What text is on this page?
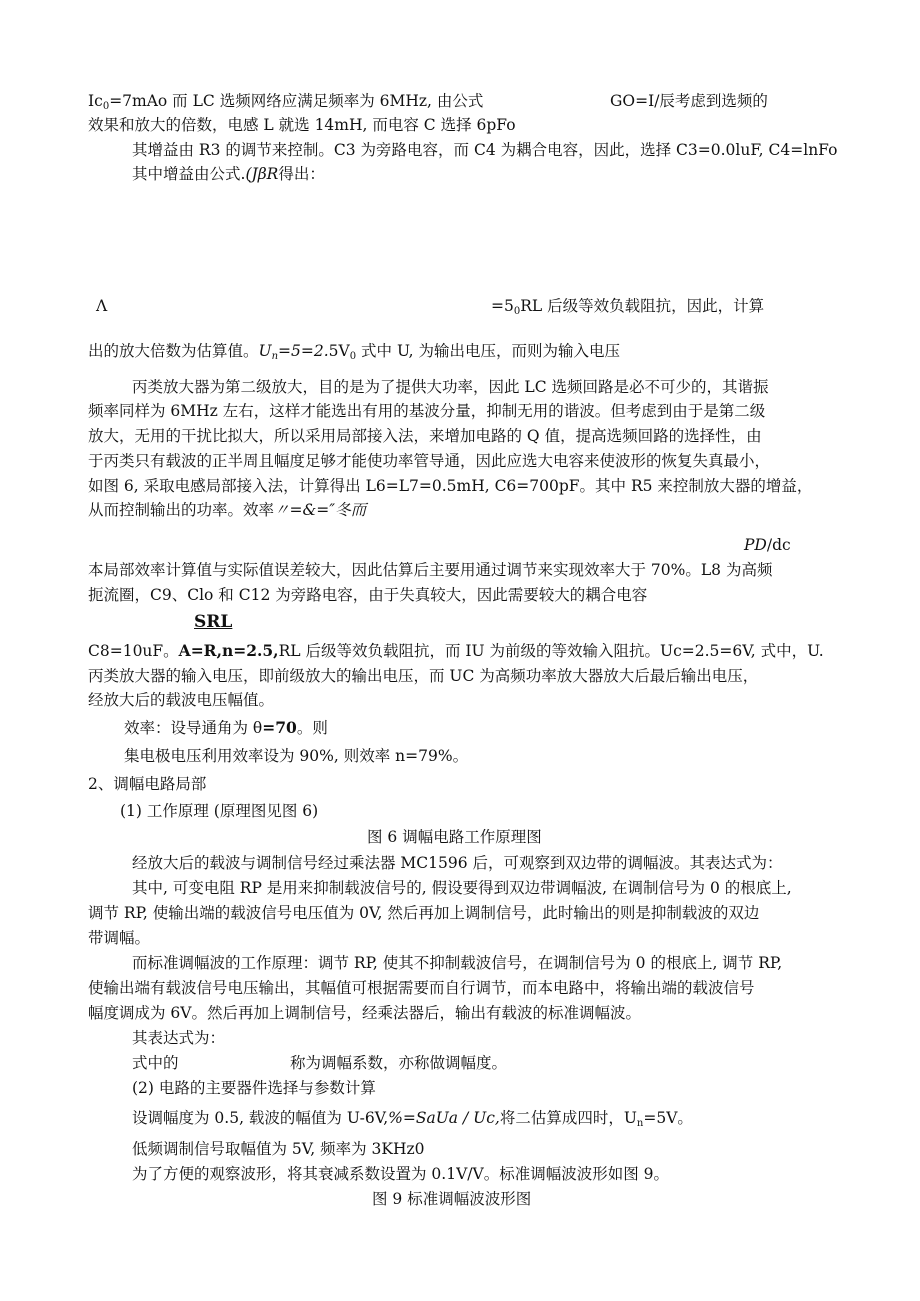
$Ic_0=7mAo$ 而 LC 选频网络应满足频率为 6MHz, 由公式	GO=I/辰考虑到选频的
效果和放大的倍数，电感 L 就选 14mH, 而电容 C 选择 6pFo
其增益由 R3 的调节来控制。C3 为旁路电容，而 C4 为耦合电容，因此，选择 C3=0.0luF, C4=lnFo
其中增益由公式.(JβR得出：
Λ	$=5_0RL$ 后级等效负载阻抗，因此，计算
出的放大倍数为估算值。$U_n=5=2.5V_0$ 式中 U, 为输出电压，而则为输入电压
丙类放大器为第二级放大，目的是为了提供大功率，因此 LC 选频回路是必不可少的，其谐振
频率同样为 6MHz 左右，这样才能选出有用的基波分量，抑制无用的谐波。但考虑到由于是第二级
放大，无用的干扰比拟大，所以采用局部接入法，来增加电路的 Q 值，提高选频回路的选择性，由
于丙类只有载波的正半周且幅度足够才能使功率管导通，因此应选大电容来使波形的恢复失真最小，
如图 6, 采取电感局部接入法，计算得出 L6=L7=0.5mH, C6=700pF。其中 R5 来控制放大器的增益，
从而控制输出的功率。效率〃=&=″冬而
PD/dc
本局部效率计算值与实际值误差较大，因此估算后主要用通过调节来实现效率大于 70%。L8 为高频
扼流圈，C9、Clo 和 C12 为旁路电容，由于失真较大，因此需要较大的耦合电容
SRL
C8=10uF。A=R,n=2.5,RL 后级等效负载阻抗，而 IU 为前级的等效输入阻抗。Uc=2.5=6V, 式中，U.
丙类放大器的输入电压，即前级放大的输出电压，而 UC 为高频功率放大器放大后最后输出电压，
经放大后的载波电压幅值。
效率：设导通角为 θ=70。则
集电极电压利用效率设为 90%, 则效率 n=79%。
2、调幅电路局部
(1) 工作原理 (原理图见图 6)
图 6 调幅电路工作原理图
经放大后的载波与调制信号经过乘法器 MC1596 后，可观察到双边带的调幅波。其表达式为：
其中, 可变电阻 RP 是用来抑制载波信号的, 假设要得到双边带调幅波, 在调制信号为 0 的根底上,
调节 RP, 使输出端的载波信号电压值为 0V, 然后再加上调制信号，此时输出的则是抑制载波的双边
带调幅。
而标准调幅波的工作原理：调节 RP, 使其不抑制载波信号，在调制信号为 0 的根底上, 调节 RP,
使输出端有载波信号电压输出，其幅值可根据需要而自行调节，而本电路中，将输出端的载波信号
幅度调成为 6V。然后再加上调制信号，经乘法器后，输出有载波的标准调幅波。
其表达式为：
式中的	称为调幅系数，亦称做调幅度。
(2) 电路的主要器件选择与参数计算
设调幅度为 0.5, 载波的幅值为 U-6V,%=SaUa / Uc,将二估算成四时，$U_n=5V$。
低频调制信号取幅值为 5V, 频率为 3KHz0
为了方便的观察波形，将其衰减系数设置为 0.1V/V。标准调幅波波形如图 9。
图 9 标准调幅波波形图
